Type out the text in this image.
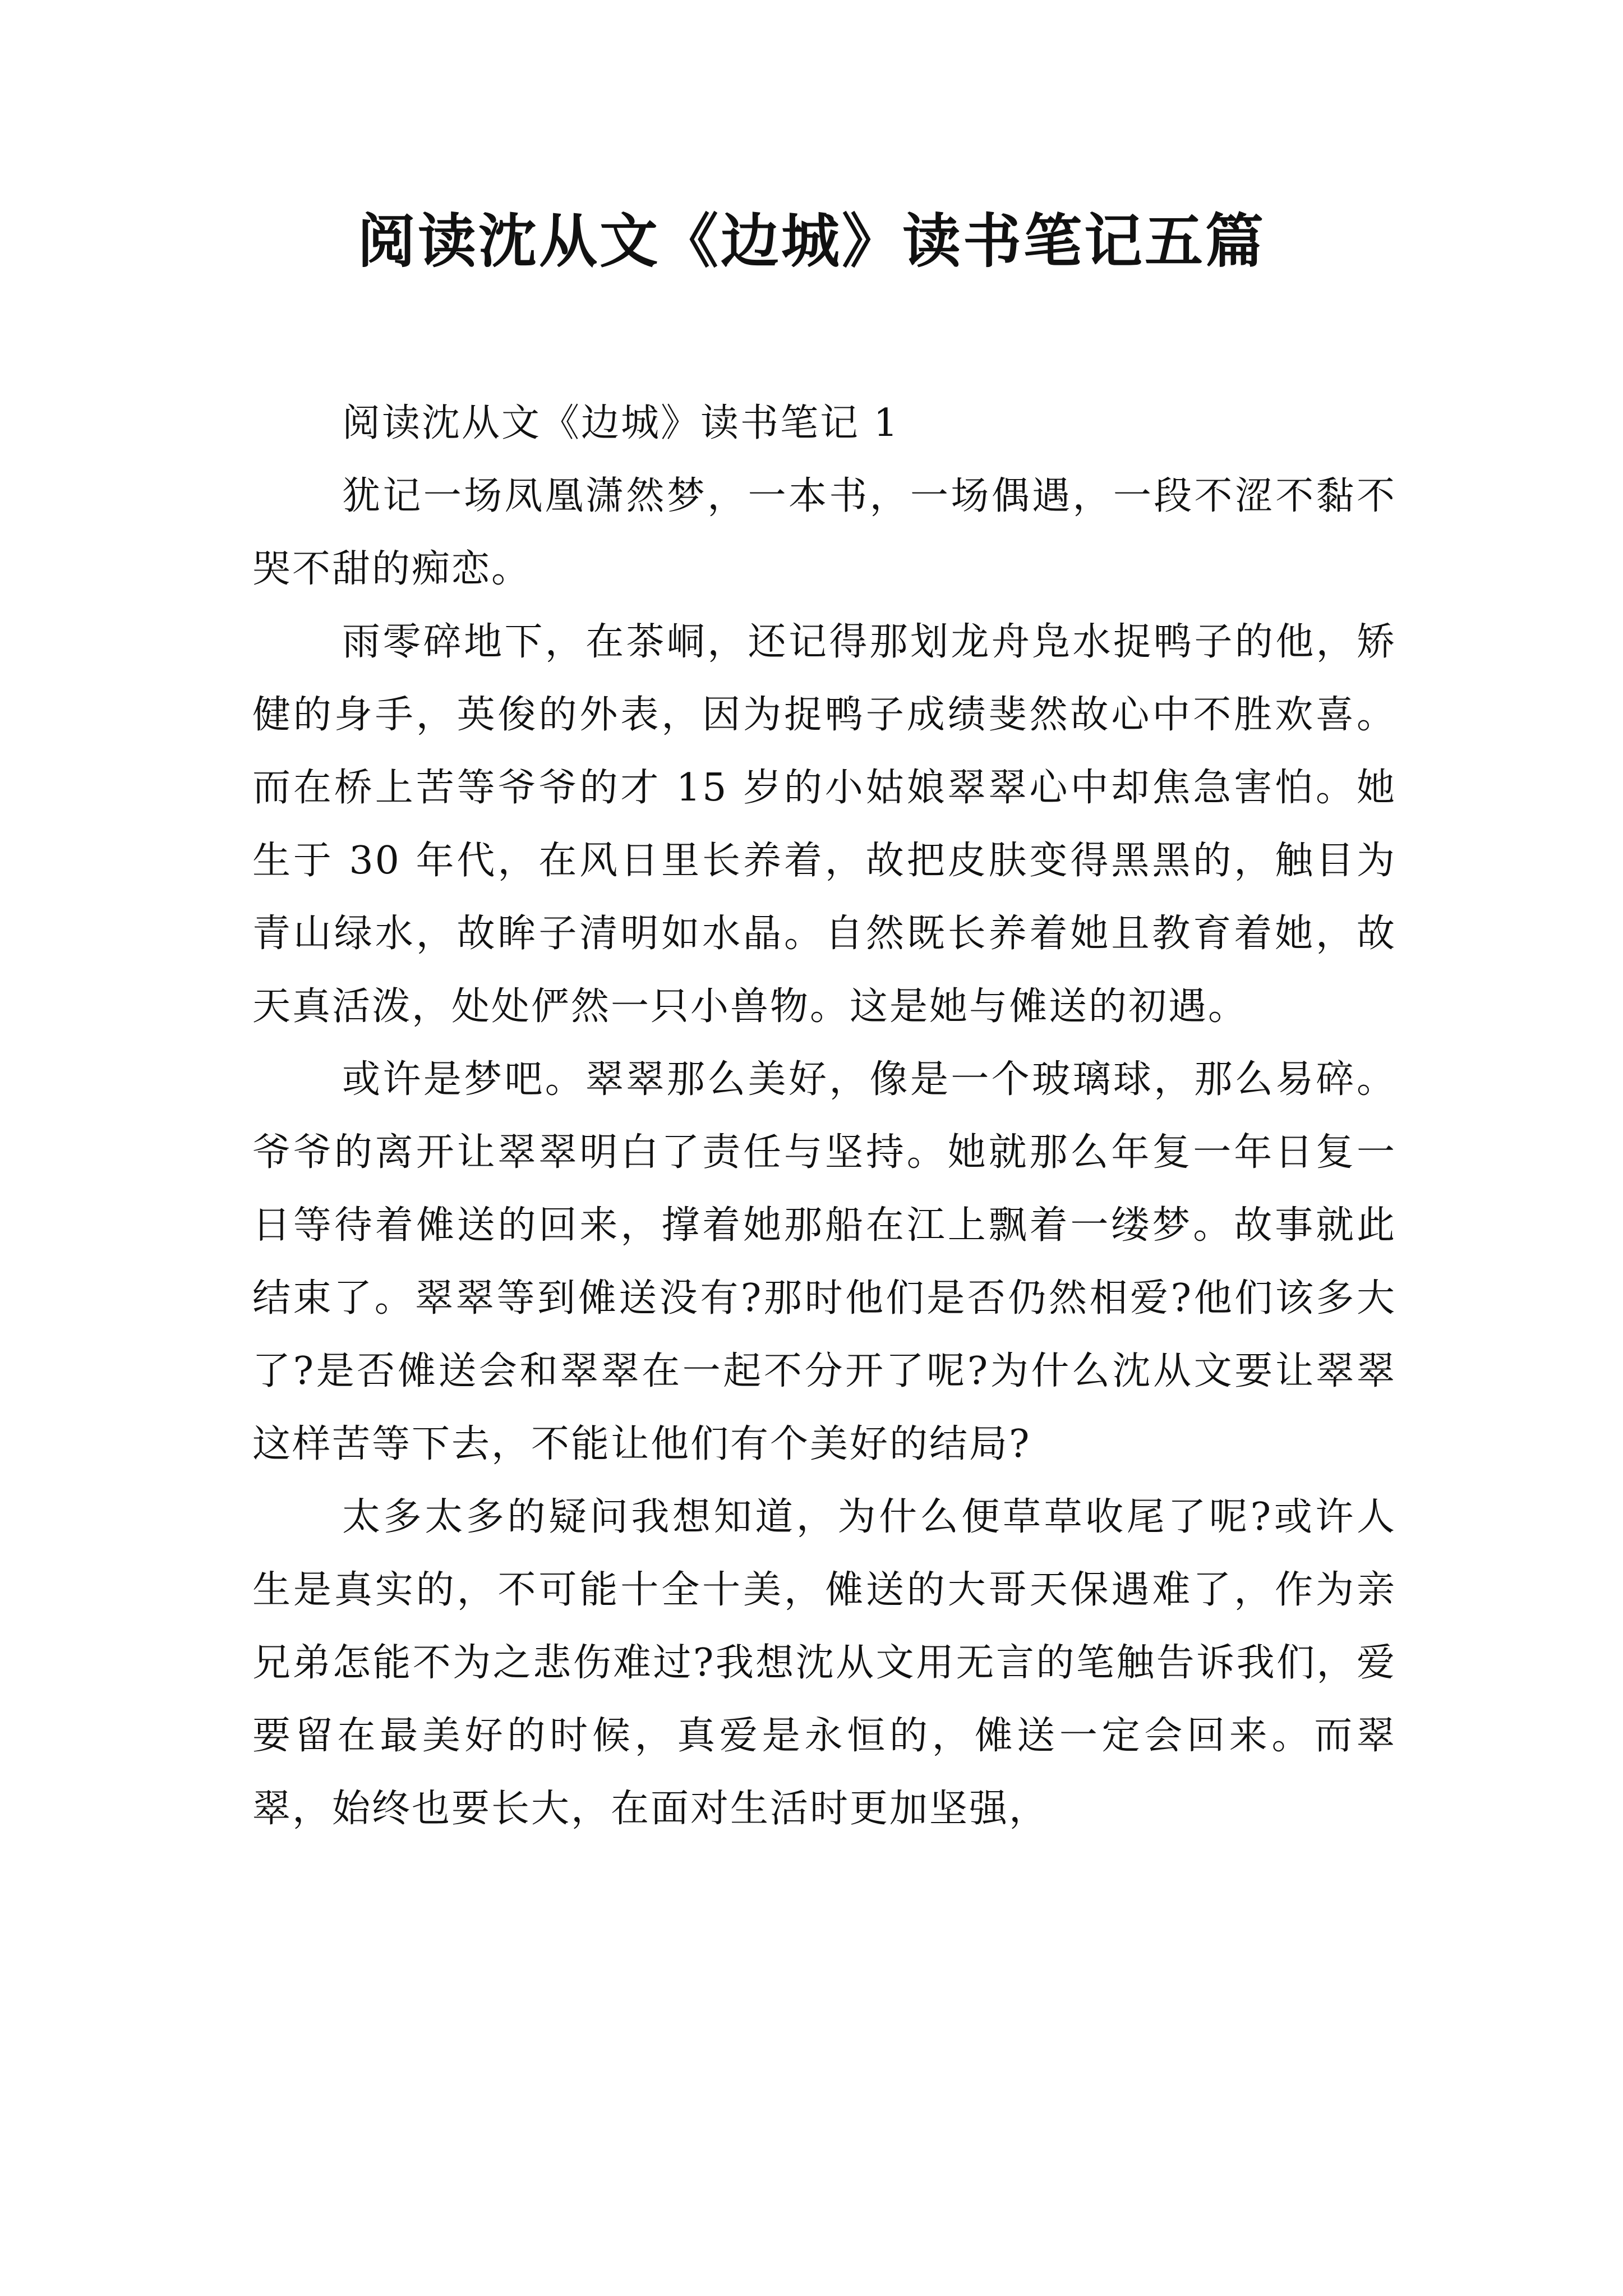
阅读沈从文《边城》读书笔记五篇

阅读沈从文《边城》读书笔记 1

犹记一场凤凰潇然梦，一本书，一场偶遇，一段不涩不黏不哭不甜的痴恋。

雨零碎地下，在茶峒，还记得那划龙舟凫水捉鸭子的他，矫健的身手，英俊的外表，因为捉鸭子成绩斐然故心中不胜欢喜。而在桥上苦等爷爷的才 15 岁的小姑娘翠翠心中却焦急害怕。她生于 30 年代，在风日里长养着，故把皮肤变得黑黑的，触目为青山绿水，故眸子清明如水晶。自然既长养着她且教育着她，故天真活泼，处处俨然一只小兽物。这是她与傩送的初遇。

或许是梦吧。翠翠那么美好，像是一个玻璃球，那么易碎。爷爷的离开让翠翠明白了责任与坚持。她就那么年复一年日复一日等待着傩送的回来，撑着她那船在江上飘着一缕梦。故事就此结束了。翠翠等到傩送没有?那时他们是否仍然相爱?他们该多大了?是否傩送会和翠翠在一起不分开了呢?为什么沈从文要让翠翠这样苦等下去，不能让他们有个美好的结局?

太多太多的疑问我想知道，为什么便草草收尾了呢?或许人生是真实的，不可能十全十美，傩送的大哥天保遇难了，作为亲兄弟怎能不为之悲伤难过?我想沈从文用无言的笔触告诉我们，爱要留在最美好的时候，真爱是永恒的，傩送一定会回来。而翠翠，始终也要长大，在面对生活时更加坚强，
